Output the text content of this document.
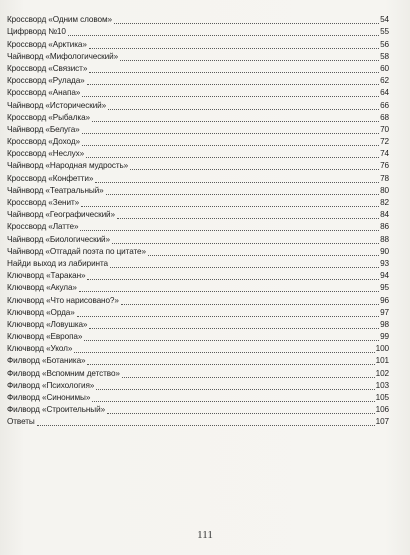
Кроссворд «Одним словом»	54
Цифрворд №10	55
Кроссворд «Арктика»	56
Чайнворд «Мифологический»	58
Кроссворд «Связист»	60
Кроссворд «Рулада»	62
Кроссворд «Анапа»	64
Чайнворд «Исторический»	66
Кроссворд «Рыбалка»	68
Чайнворд «Белуга»	70
Кроссворд «Доход»	72
Кроссворд «Неслух»	74
Чайнворд «Народная мудрость»	76
Кроссворд «Конфетти»	78
Чайнворд «Театральный»	80
Кроссворд «Зенит»	82
Чайнворд «Географический»	84
Кроссворд «Латте»	86
Чайнворд «Биологический»	88
Чайнворд «Отгадай поэта по цитате»	90
Найди выход из лабиринта	93
Ключворд «Таракан»	94
Ключворд «Акула»	95
Ключворд «Что нарисовано?»	96
Ключворд «Орда»	97
Ключворд «Ловушка»	98
Ключворд «Европа»	99
Ключворд «Укол»	100
Филворд «Ботаника»	101
Филворд «Вспомним детство»	102
Филворд «Психология»	103
Филворд «Синонимы»	105
Филворд «Строительный»	106
Ответы	107
111
